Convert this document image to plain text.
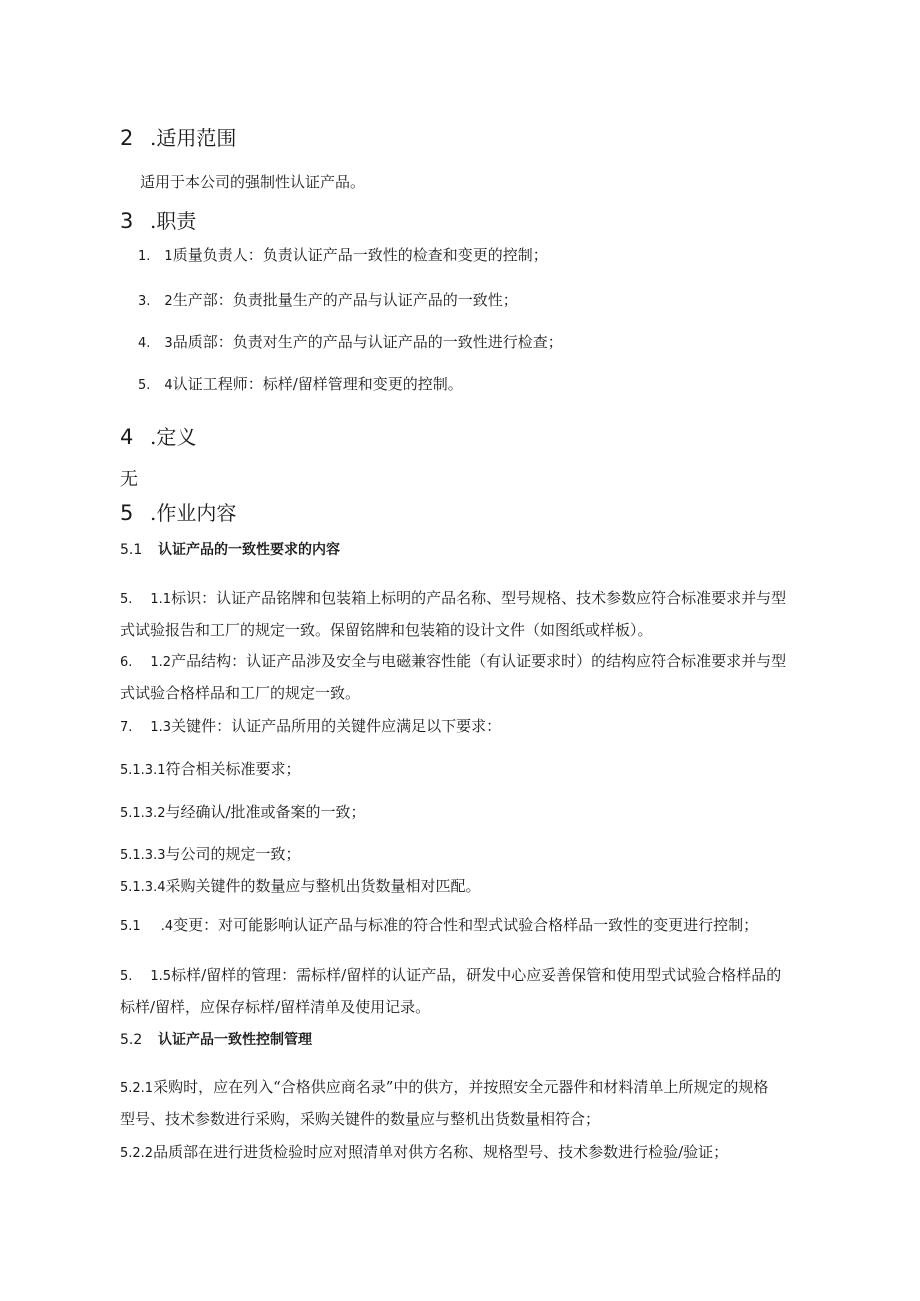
2 .适用范围
适用于本公司的强制性认证产品。
3 .职责
1. 1质量负责人：负责认证产品一致性的检查和变更的控制；
3. 2生产部：负责批量生产的产品与认证产品的一致性；
4. 3品质部：负责对生产的产品与认证产品的一致性进行检查；
5. 4认证工程师：标样/留样管理和变更的控制。
4 .定义
无
5 .作业内容
5.1 认证产品的一致性要求的内容
5. 1.1标识：认证产品铭牌和包装箱上标明的产品名称、型号规格、技术参数应符合标准要求并与型
式试验报告和工厂的规定一致。保留铭牌和包装箱的设计文件（如图纸或样板）。
6. 1.2产品结构：认证产品涉及安全与电磁兼容性能（有认证要求时）的结构应符合标准要求并与型
式试验合格样品和工厂的规定一致。
7. 1.3关键件：认证产品所用的关键件应满足以下要求：
5.1.3.1符合相关标准要求；
5.1.3.2与经确认/批准或备案的一致；
5.1.3.3与公司的规定一致；
5.1.3.4采购关键件的数量应与整机出货数量相对匹配。
5.1 .4变更：对可能影响认证产品与标准的符合性和型式试验合格样品一致性的变更进行控制；
5. 1.5标样/留样的管理：需标样/留样的认证产品，研发中心应妥善保管和使用型式试验合格样品的
标样/留样，应保存标样/留样清单及使用记录。
5.2 认证产品一致性控制管理
5.2.1采购时，应在列入“合格供应商名录”中的供方，并按照安全元器件和材料清单上所规定的规格
型号、技术参数进行采购，采购关键件的数量应与整机出货数量相符合；
5.2.2品质部在进行进货检验时应对照清单对供方名称、规格型号、技术参数进行检验/验证；
